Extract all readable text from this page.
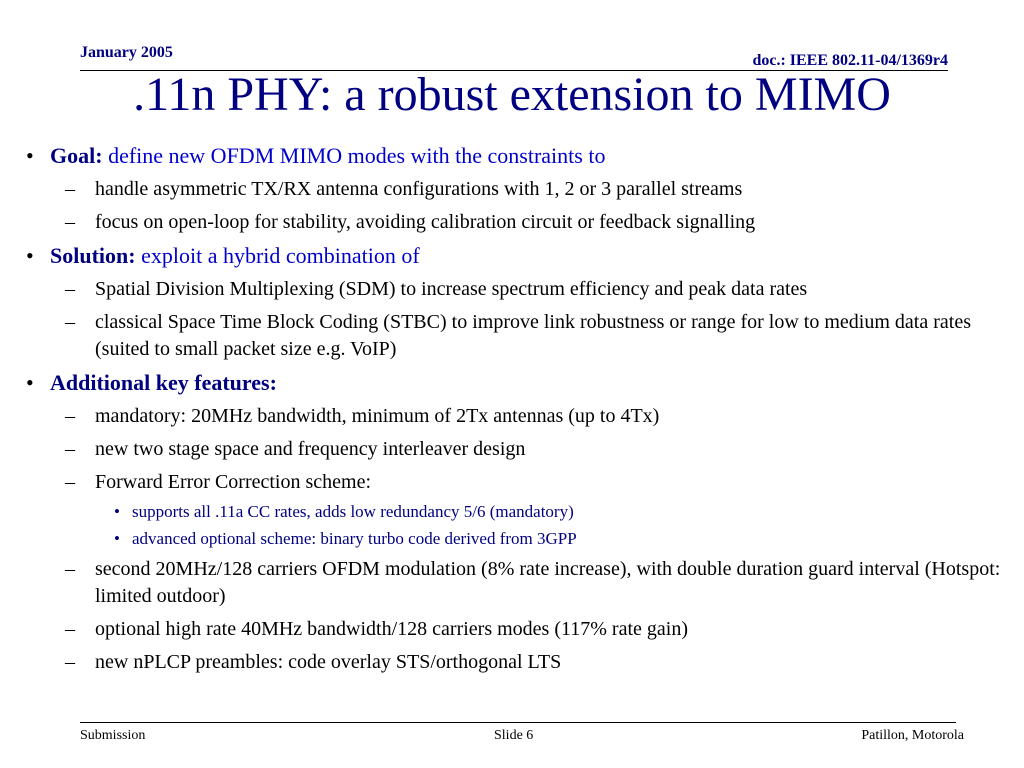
January 2005	doc.: IEEE 802.11-04/1369r4
.11n PHY: a robust extension to MIMO
• Goal: define new OFDM MIMO modes with the constraints to
– handle asymmetric TX/RX antenna configurations with 1, 2 or 3 parallel streams
– focus on open-loop for stability, avoiding calibration circuit or feedback signalling
• Solution: exploit a hybrid combination of
– Spatial Division Multiplexing (SDM) to increase spectrum efficiency and peak data rates
– classical Space Time Block Coding (STBC) to improve link robustness or range for low to medium data rates (suited to small packet size e.g. VoIP)
• Additional key features:
– mandatory: 20MHz bandwidth, minimum of 2Tx antennas (up to 4Tx)
– new two stage space and frequency interleaver design
– Forward Error Correction scheme:
• supports all .11a CC rates, adds low redundancy 5/6 (mandatory)
• advanced optional scheme: binary turbo code derived from 3GPP
– second 20MHz/128 carriers OFDM modulation (8% rate increase), with double duration guard interval (Hotspot: limited outdoor)
– optional high rate 40MHz bandwidth/128 carriers modes (117% rate gain)
– new nPLCP preambles: code overlay STS/orthogonal LTS
Submission	Slide 6	Patillon, Motorola
